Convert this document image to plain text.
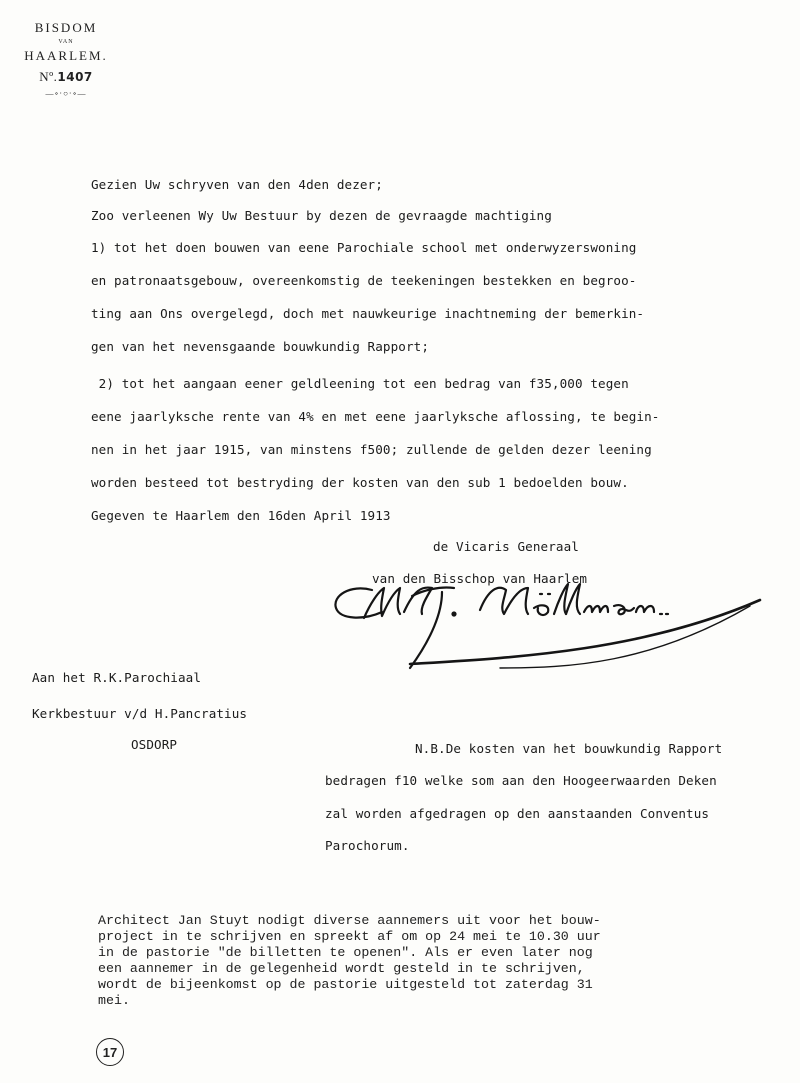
BISDOM
VAN
HAARLEM.
Nº.1407
—∘·○·∘—
Gezien Uw schryven van den 4den dezer;
Zoo verleenen Wy Uw Bestuur by dezen de gevraagde machtiging
1) tot het doen bouwen van eene Parochiale school met onderwyzerswoning
en patronaatsgebouw, overeenkomstig de teekeningen bestekken en begroo-
ting aan Ons overgelegd, doch met nauwkeurige inachtneming der bemerkin-
gen van het nevensgaande bouwkundig Rapport;
2) tot het aangaan eener geldleening tot een bedrag van f35,000 tegen
eene jaarlyksche rente van 4% en met eene jaarlyksche aflossing, te begin-
nen in het jaar 1915, van minstens f500; zullende de gelden dezer leening
worden besteed tot bestryding der kosten van den sub 1 bedoelden bouw.
Gegeven te Haarlem den 16den April 1913
de Vicaris Generaal
van den Bisschop van Haarlem
Aan het R.K.Parochiaal
Kerkbestuur v/d H.Pancratius
OSDORP	N.B.De kosten van het bouwkundig Rapport
bedragen f10 welke som aan den Hoogeerwaarden Deken
zal worden afgedragen op den aanstaanden Conventus
Parochorum.
Architect Jan Stuyt nodigt diverse aannemers uit voor het bouw-
project in te schrijven en spreekt af om op 24 mei te 10.30 uur
in de pastorie "de billetten te openen". Als er even later nog
een aannemer in de gelegenheid wordt gesteld in te schrijven,
wordt de bijeenkomst op de pastorie uitgesteld tot zaterdag 31
mei.
17
